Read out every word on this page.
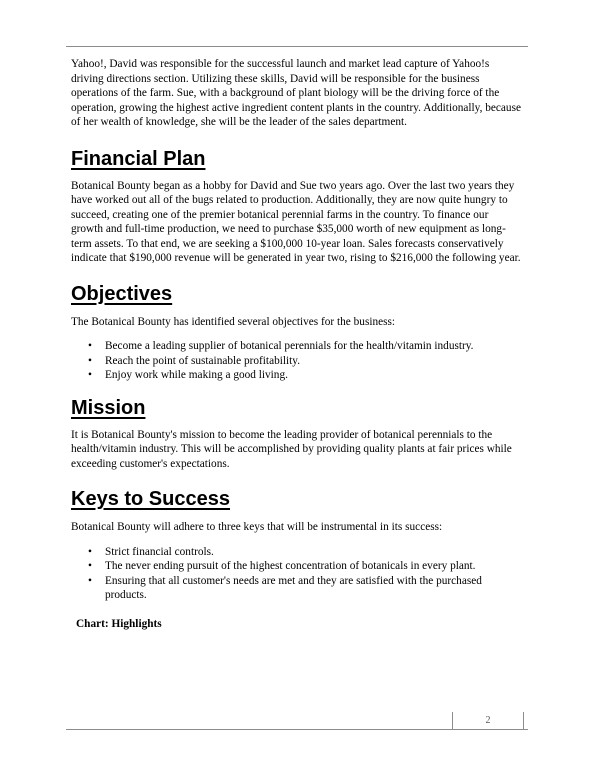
Yahoo!, David was responsible for the successful launch and market lead capture of Yahoo!s driving directions section. Utilizing these skills, David will be responsible for the business operations of the farm. Sue, with a background of plant biology will be the driving force of the operation, growing the highest active ingredient content plants in the country. Additionally, because of her wealth of knowledge, she will be the leader of the sales department.

Financial Plan

Botanical Bounty began as a hobby for David and Sue two years ago. Over the last two years they have worked out all of the bugs related to production. Additionally, they are now quite hungry to succeed, creating one of the premier botanical perennial farms in the country. To finance our growth and full-time production, we need to purchase $35,000 worth of new equipment as long-term assets. To that end, we are seeking a $100,000 10-year loan. Sales forecasts conservatively indicate that $190,000 revenue will be generated in year two, rising to $216,000 the following year.

Objectives

The Botanical Bounty has identified several objectives for the business:

• Become a leading supplier of botanical perennials for the health/vitamin industry.
• Reach the point of sustainable profitability.
• Enjoy work while making a good living.
Mission

It is Botanical Bounty's mission to become the leading provider of botanical perennials to the health/vitamin industry. This will be accomplished by providing quality plants at fair prices while exceeding customer's expectations.

Keys to Success

Botanical Bounty will adhere to three keys that will be instrumental in its success:

• Strict financial controls.
• The never ending pursuit of the highest concentration of botanicals in every plant.
• Ensuring that all customer's needs are met and they are satisfied with the purchased products.
Chart: Highlights
2
